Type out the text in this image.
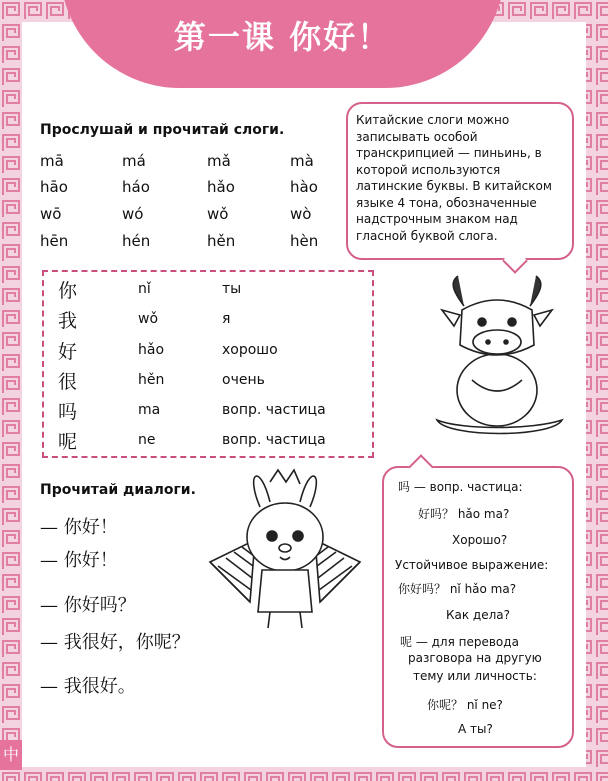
第一课 你好！
Прослушай и прочитай слоги.
mā	má	mǎ	mà
hāo	háo	hǎo	hào
wō	wó	wǒ	wò
hēn	hén	hěn	hèn
你	nǐ	ты
我	wǒ	я
好	hǎo	хорошо
很	hěn	очень
吗	ma	вопр. частица
呢	ne	вопр. частица
Прочитай диалоги.
— 你好！
— 你好！
— 你好吗？
— 我很好，你呢？
— 我很好。
Китайские слоги можно записывать особой транскрипцией — пиньинь, в которой используются латинские буквы. В китайском языке 4 тона, обозначенные надстрочным знаком над гласной буквой слога.
吗 — вопр. частица:
好吗？ hǎo ma?
Хорошо?
Устойчивое выражение:
你好吗？ nǐ hǎo ma?
Как дела?
呢 — для перевода
разговора на другую
тему или личность:
你呢？ nǐ ne?
А ты?
中
